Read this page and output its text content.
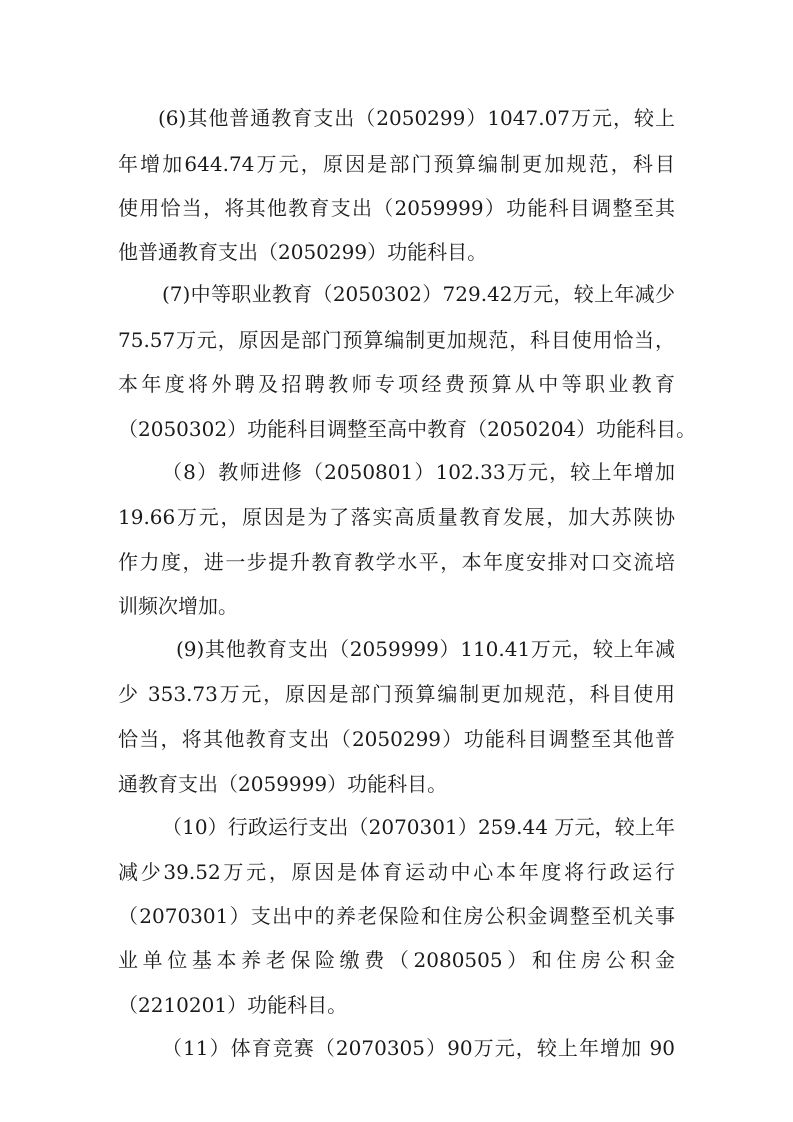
(6)其他普通教育支出（2050299）1047.07万元，较上

年增加644.74万元，原因是部门预算编制更加规范，科目

使用恰当，将其他教育支出（2059999）功能科目调整至其

他普通教育支出（2050299）功能科目。

(7)中等职业教育（2050302）729.42万元，较上年减少

75.57万元，原因是部门预算编制更加规范，科目使用恰当，

本年度将外聘及招聘教师专项经费预算从中等职业教育

（2050302）功能科目调整至高中教育（2050204）功能科目。

（8）教师进修（2050801）102.33万元，较上年增加

19.66万元，原因是为了落实高质量教育发展，加大苏陕协

作力度，进一步提升教育教学水平，本年度安排对口交流培

训频次增加。

(9)其他教育支出（2059999）110.41万元，较上年减

少 353.73万元，原因是部门预算编制更加规范，科目使用

恰当，将其他教育支出（2050299）功能科目调整至其他普

通教育支出（2059999）功能科目。

（10）行政运行支出（2070301）259.44 万元，较上年

减少39.52万元，原因是体育运动中心本年度将行政运行

（2070301）支出中的养老保险和住房公积金调整至机关事

业单位基本养老保险缴费（2080505）和住房公积金

（2210201）功能科目。

（11）体育竞赛（2070305）90万元，较上年增加 90
